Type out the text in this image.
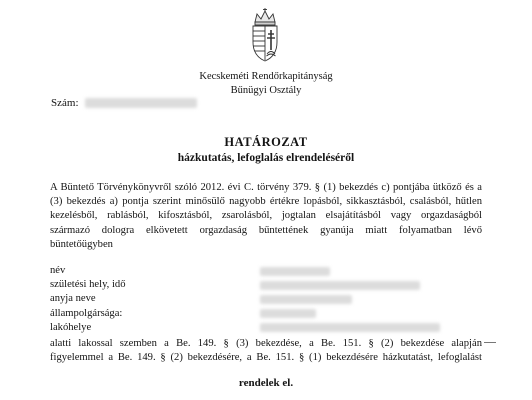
Kecskeméti Rendőrkapitányság
Bűnügyi Osztály
Szám:
HATÁROZAT
házkutatás, lefoglalás elrendeléséről
A Büntető Törvénykönyvről szóló 2012. évi C. törvény 379. § (1) bekezdés c) pontjába ütköző és a
(3) bekezdés a) pontja szerint minősülő nagyobb értékre lopásból, sikkasztásból, csalásból, hűtlen
kezelésből, rablásból, kifosztásból, zsarolásból, jogtalan elsajátításból vagy orgazdaságból
származó dologra elkövetett orgazdaság bűntettének gyanúja miatt folyamatban lévő
büntetőügyben
név
születési hely, idő
anyja neve
állampolgársága:
lakóhelye
alatti lakossal szemben a Be. 149. § (3) bekezdése, a Be. 151. § (2) bekezdése alapján
figyelemmel a Be. 149. § (2) bekezdésére, a Be. 151. § (1) bekezdésére házkutatást, lefoglalást
rendelek el.
